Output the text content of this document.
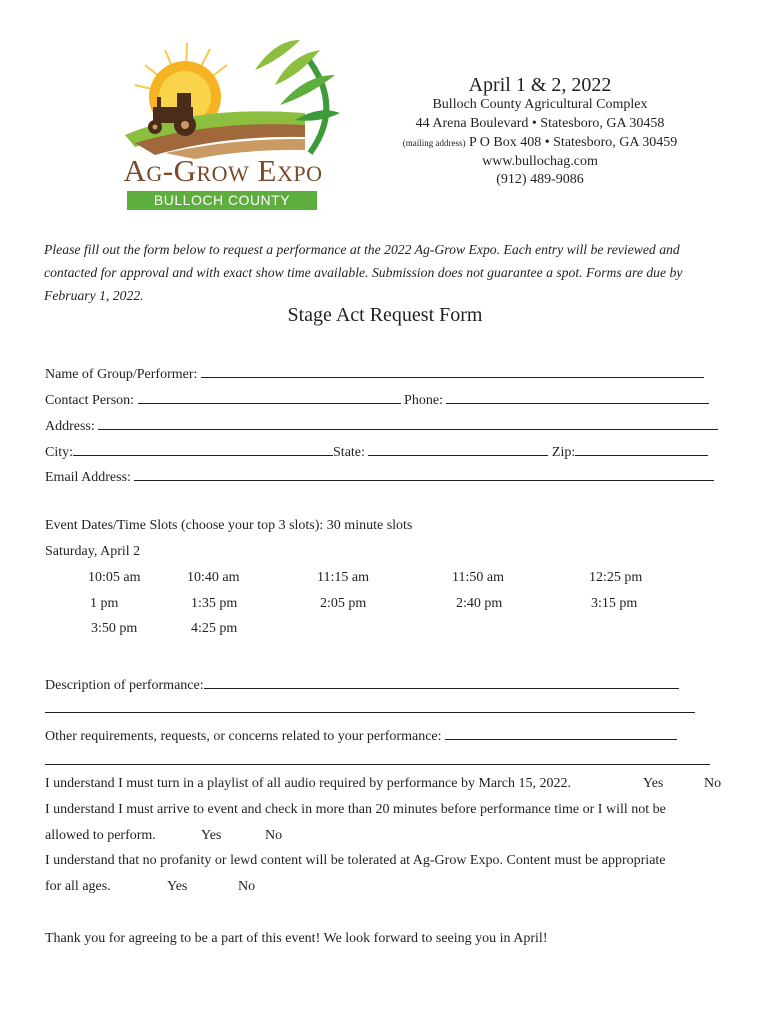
Ag-Grow Expo
BULLOCH COUNTY
April 1 & 2, 2022
Bulloch County Agricultural Complex
44 Arena Boulevard • Statesboro, GA 30458
(mailing address) P O Box 408 • Statesboro, GA 30459
www.bullochag.com
(912) 489-9086
Please fill out the form below to request a performance at the 2022 Ag-Grow Expo. Each entry will be reviewed and contacted for approval and with exact show time available. Submission does not guarantee a spot. Forms are due by February 1, 2022.
Stage Act Request Form
Name of Group/Performer:
Contact Person:	Phone:
Address:
City:	State:	Zip:
Email Address:
Event Dates/Time Slots (choose your top 3 slots): 30 minute slots
Saturday, April 2
10:05 am	10:40 am	11:15 am	11:50 am	12:25 pm
1 pm	1:35 pm	2:05 pm	2:40 pm	3:15 pm
3:50 pm	4:25 pm
Description of performance:
Other requirements, requests, or concerns related to your performance:
I understand I must turn in a playlist of all audio required by performance by March 15, 2022.	Yes	No
I understand I must arrive to event and check in more than 20 minutes before performance time or I will not be
allowed to perform.	Yes	No
I understand that no profanity or lewd content will be tolerated at Ag-Grow Expo. Content must be appropriate
for all ages.	Yes	No
Thank you for agreeing to be a part of this event! We look forward to seeing you in April!
